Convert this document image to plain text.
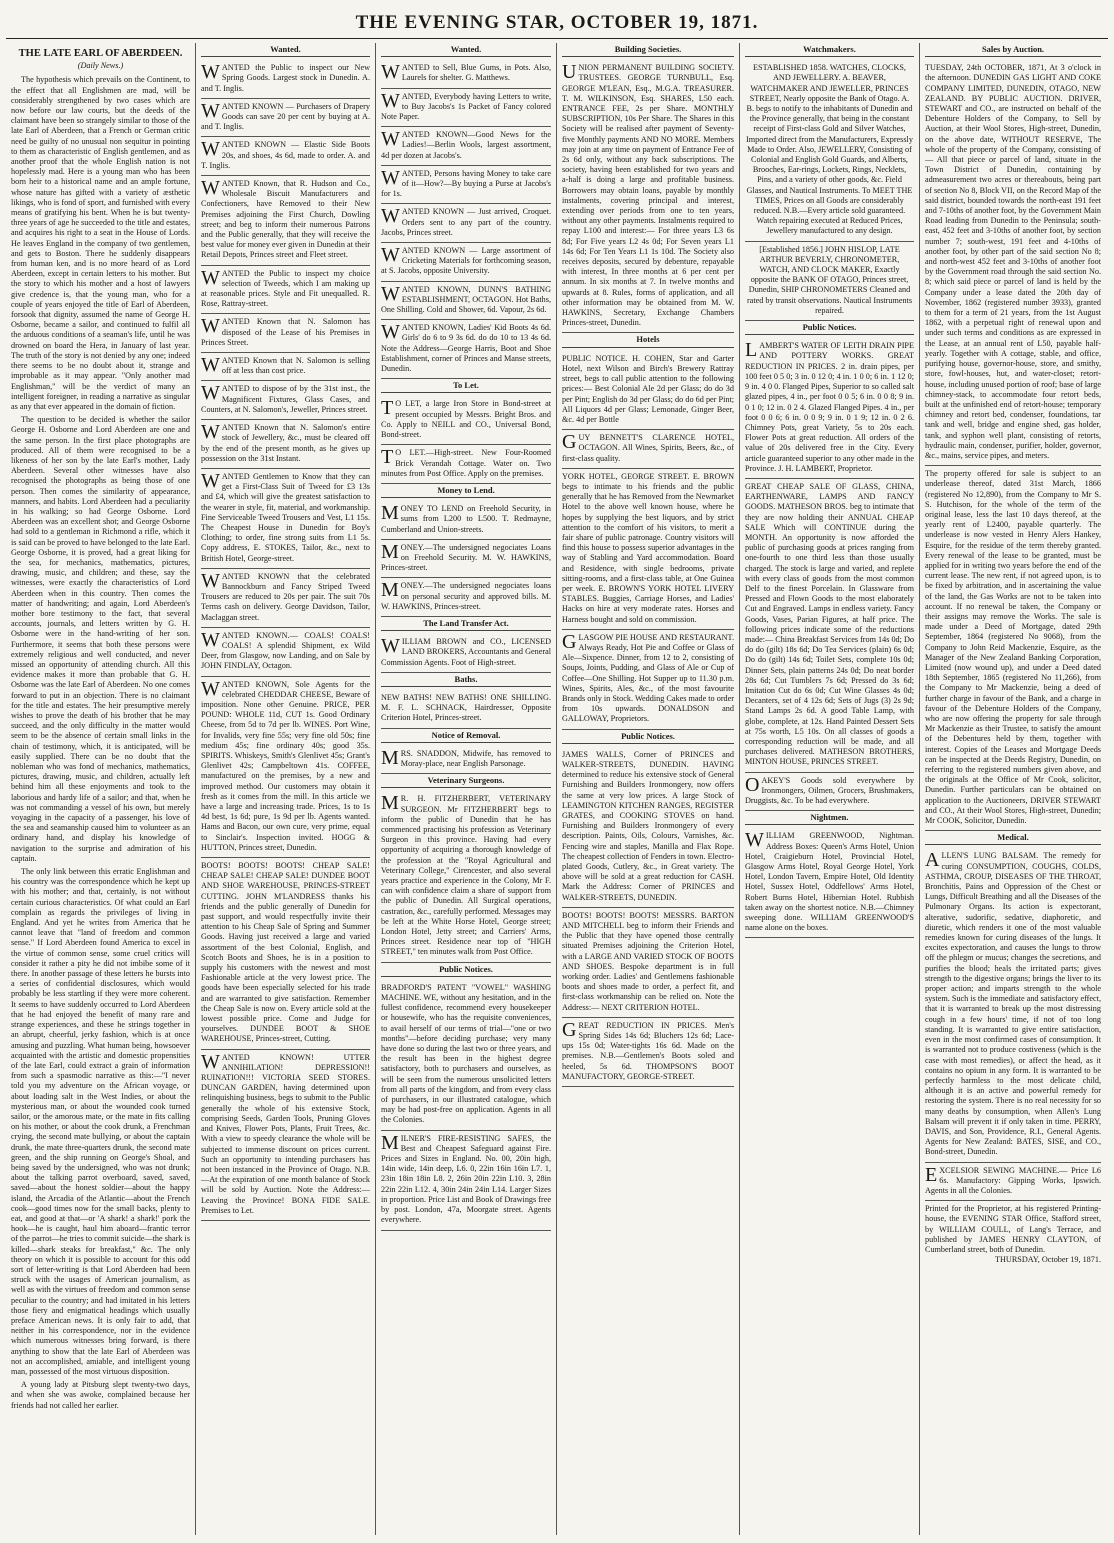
THE EVENING STAR, OCTOBER 19, 1871.
THE LATE EARL OF ABERDEEN.
(Daily News.)

The hypothesis which prevails on the Continent, to the effect that all Englishmen are mad, will be considerably strengthened by two cases which are now before our law courts, but the deeds of the claimant have been so strangely similar to those of the late Earl of Aberdeen, that a French or German critic need be guilty of no unusual non sequitur in pointing to them as characteristic of English gentlemen, and as another proof that the whole English nation is not hopelessly mad. Here is a young man who has been born heir to a historical name and an ample fortune, whose nature has gifted with a variety of æsthetic likings, who is fond of sport, and furnished with every means of gratifying his bent. When he is but twenty-three years of age he succeeded to the title and estates, and acquires his right to a seat in the House of Lords. He leaves England in the company of two gentlemen, and gets to Boston. There he suddenly disappears from human ken, and is no more heard of as Lord Aberdeen, except in certain letters to his mother. But the story to which his mother and a host of lawyers give credence is, that the young man, who for a couple of years enjoyed the title of Earl of Aberdeen, forsook that dignity, assumed the name of George H. Osborne, became a sailor, and continued to fulfil all the arduous conditions of a seaman's life, until he was drowned on board the Hera, in January of last year. The truth of the story is not denied by any one; indeed there seems to be no doubt about it, strange and improbable as it may appear. "Only another mad Englishman," will be the verdict of many an intelligent foreigner, in reading a narrative as singular as any that ever appeared in the domain of fiction.

The question to be decided is whether the sailor George H. Osborne and Lord Aberdeen are one and the same person. In the first place photographs are produced. All of them were recognised to be a likeness of her son by the late Earl's mother, Lady Aberdeen. Several other witnesses have also recognised the photographs as being those of one person. Then comes the similarity of appearance, manners, and habits. Lord Aberdeen had a peculiarity in his walking; so had George Osborne. Lord Aberdeen was an excellent shot; and George Osborne had sold to a gentleman in Richmond a rifle, which it is said can be proved to have belonged to the late Earl. George Osborne, it is proved, had a great liking for the sea, for mechanics, mathematics, pictures, drawing, music, and children; and these, say the witnesses, were exactly the characteristics of Lord Aberdeen when in this country. Then comes the matter of handwriting; and again, Lord Aberdeen's mother bore testimony to the fact, that several accounts, journals, and letters written by G. H. Osborne were in the hand-writing of her son. Furthermore, it seems that both these persons were extremely religious and well conducted, and never missed an opportunity of attending church. All this evidence makes it more than probable that G. H. Osborne was the late Earl of Aberdeen. No one comes forward to put in an objection. There is no claimant for the title and estates. The heir presumptive merely wishes to prove the death of his brother that he may succeed, and the only difficulty in the matter would seem to be the absence of certain small links in the chain of testimony, which, it is anticipated, will be easily supplied. There can be no doubt that the nobleman who was fond of mechanics, mathematics, pictures, drawing, music, and children, actually left behind him all these enjoyments and took to the laborious and hardy life of a sailor; and that, when he was not commanding a vessel of his own, but merely voyaging in the capacity of a passenger, his love of the sea and seamanship caused him to volunteer as an ordinary hand, and display his knowledge of navigation to the surprise and admiration of his captain.

The only link between this erratic Englishman and his country was the correspondence which he kept up with his mother; and that, certainly, is not without certain curious characteristics. Of what could an Earl complain as regards the privileges of living in England. And yet he writes from America that he cannot leave that "land of freedom and common sense." If Lord Aberdeen found America to excel in the virtue of common sense, some cruel critics will consider it rather a pity he did not imbibe some of it there. In another passage of these letters he bursts into a series of confidential disclosures, which would probably be less startling if they were more coherent. It seems to have suddenly occurred to Lord Aberdeen that he had enjoyed the benefit of many rare and strange experiences, and these he strings together in an abrupt, cheerful, jerky fashion, which is at once amusing and puzzling. What human being, howsoever acquainted with the artistic and domestic propensities of the late Earl, could extract a grain of information from such a spasmodic narrative as this:—"I never told you my adventure on the African voyage, or about loading salt in the West Indies, or about the mysterious man, or about the wounded cook turned sailor, or the amorous mate, or the mate in fits calling on his mother, or about the cook drunk, a Frenchman crying, the second mate bullying, or about the captain drunk, the mate three-quarters drunk, the second mate green, and the ship running on George's Shoal, and being saved by the undersigned, who was not drunk; about the talking parrot overboard, saved, saved, saved—about the honest soldier—about the happy island, the Arcadia of the Atlantic—about the French cook—good times now for the small backs, plenty to eat, and good at that—or 'A shark! a shark!' pork the hook—he is caught, haul him aboard—frantic terror of the parrot—he tries to commit suicide—the shark is killed—shark steaks for breakfast," &c. The only theory on which it is possible to account for this odd sort of letter-writing is that Lord Aberdeen had been struck with the usages of American journalism, as well as with the virtues of freedom and common sense peculiar to the country; and had imitated in his letters those fiery and enigmatical headings which usually preface American news. It is only fair to add, that neither in his correspondence, nor in the evidence which numerous witnesses bring forward, is there anything to show that the late Earl of Aberdeen was not an accomplished, amiable, and intelligent young man, possessed of the most virtuous disposition.

A young lady at Pitsburg slept twenty-two days, and when she was awoke, complained because her friends had not called her earlier.

Wanted.
WANTED the Public to inspect our New Spring Goods. Largest stock in Dunedin. A. and T. Inglis.
WANTED KNOWN — Purchasers of Drapery Goods can save 20 per cent by buying at A. and T. Inglis.
WANTED KNOWN — Elastic Side Boots 20s, and shoes, 4s 6d, made to order. A. and T. Inglis.
WANTED Known, that R. Hudson and Co., Wholesale Biscuit Manufacturers and Confectioners, have Removed to their New Premises adjoining the First Church, Dowling street; and beg to inform their numerous Patrons and the Public generally, that they will receive the best value for money ever given in Dunedin at their Retail Depots, Princes street and Fleet street.
WANTED the Public to inspect my choice selection of Tweeds, which I am making up at reasonable prices. Style and Fit unequalled. R. Rose, Rattray-street.
WANTED Known that N. Salomon has disposed of the Lease of his Premises in Princes Street.
WANTED Known that N. Salomon is selling off at less than cost price.
WANTED to dispose of by the 31st inst., the Magnificent Fixtures, Glass Cases, and Counters, at N. Salomon's, Jeweller, Princes street.
WANTED Known that N. Salomon's entire stock of Jewellery, &c., must be cleared off by the end of the present month, as he gives up possession on the 31st Instant.
WANTED Gentlemen to Know that they can get a First-Class Suit of Tweed for £3 13s and £4, which will give the greatest satisfaction to the wearer in style, fit, material, and workmanship. Fine Serviceable Tweed Trousers and Vest, L1 15s. The Cheapest House in Dunedin for Boy's Clothing; to order, fine strong suits from L1 5s. Copy address, E. STOKES, Tailor, &c., next to British Hotel, George-street.
WANTED KNOWN that the celebrated Bannockburn and Fancy Striped Tweed Trousers are reduced to 20s per pair. The suit 70s Terms cash on delivery. George Davidson, Tailor, Maclaggan street.
WANTED KNOWN.— COALS! COALS! COALS! A splendid Shipment, ex Wild Deer, from Glasgow, now Landing, and on Sale by JOHN FINDLAY, Octagon.
WANTED KNOWN, Sole Agents for the celebrated CHEDDAR CHEESE, Beware of imposition. None other Genuine. PRICE, PER POUND: WHOLE 11d, CUT 1s. Good Ordinary Cheese, from 5d to 7d per lb. WINES. Port Wine, for Invalids, very fine 55s; very fine old 50s; fine medium 45s; fine ordinary 40s; good 35s. SPIRITS. Whiskeys, Smith's Glenlivet 45s; Grant's Glenlivet 42s; Campbeltown 41s. COFFEE, manufactured on the premises, by a new and improved method. Our customers may obtain it fresh as it comes from the mill. In this article we have a large and increasing trade. Prices, 1s to 1s 4d best, 1s 6d; pure, 1s 9d per lb. Agents wanted. Hams and Bacon, our own cure, very prime, equal to Sinclair's. Inspection invited. HOGG & HUTTON, Princes street, Dunedin.
BOOTS! BOOTS! BOOTS! CHEAP SALE! CHEAP SALE! CHEAP SALE! DUNDEE BOOT AND SHOE WAREHOUSE, PRINCES-STREET CUTTING. JOHN M'LANDRESS thanks his friends and the public generally of Dunedin for past support, and would respectfully invite their attention to his Cheap Sale of Spring and Summer Goods. Having just received a large and varied assortment of the best Colonial, English, and Scotch Boots and Shoes, he is in a position to supply his customers with the newest and most Fashionable article at the very lowest price. The goods have been especially selected for his trade and are warranted to give satisfaction. Remember the Cheap Sale is now on. Every article sold at the lowest possible price. Come and Judge for yourselves. DUNDEE BOOT & SHOE WAREHOUSE, Princes-street, Cutting.
WANTED KNOWN! UTTER ANNIHILATION! DEPRESSION!! RUINATION!!! VICTORIA SEED STORES. DUNCAN GARDEN, having determined upon relinquishing business, begs to submit to the Public generally the whole of his extensive Stock, comprising Seeds, Garden Tools, Pruning Gloves and Knives, Flower Pots, Plants, Fruit Trees, &c. With a view to speedy clearance the whole will be subjected to immense discount on prices current. Such an opportunity to intending purchasers has not been instanced in the Province of Otago. N.B.—At the expiration of one month balance of Stock will be sold by Auction. Note the Address:—Leaving the Province! BONA FIDE SALE. Premises to Let.
Wanted.
WANTED to Sell, Blue Gums, in Pots. Also, Laurels for shelter. G. Matthews.
WANTED, Everybody having Letters to write, to Buy Jacobs's 1s Packet of Fancy colored Note Paper.
WANTED KNOWN—Good News for the Ladies!—Berlin Wools, largest assortment, 4d per dozen at Jacobs's.
WANTED, Persons having Money to take care of it—How?—By buying a Purse at Jacobs's for 1s.
WANTED KNOWN — Just arrived, Croquet. Orders sent to any part of the country. Jacobs, Princes street.
WANTED KNOWN — Large assortment of Cricketing Materials for forthcoming season, at S. Jacobs, opposite University.
WANTED KNOWN, DUNN'S BATHING ESTABLISHMENT, OCTAGON. Hot Baths, One Shilling. Cold and Shower, 6d. Vapour, 2s 6d.
WANTED KNOWN, Ladies' Kid Boots 4s 6d. Girls' do 6 to 9 3s 6d. do do 10 to 13 4s 6d. Note the Address—George Harris, Boot and Shoe Establishment, corner of Princes and Manse streets, Dunedin.
To Let.
TO LET, a large Iron Store in Bond-street at present occupied by Messrs. Bright Bros. and Co. Apply to NEILL and CO., Universal Bond, Bond-street.
TO LET.—High-street. New Four-Roomed Brick Verandah Cottage. Water on. Two minutes from Post Office. Apply on the premises.
Money to Lend.
MONEY TO LEND on Freehold Security, in sums from L200 to L500. T. Redmayne, Cumberland and Union-streets.
MONEY.—The undersigned negociates Loans on Freehold Security. M. W. HAWKINS, Princes-street.
MONEY.—The undersigned negociates loans on personal security and approved bills. M. W. HAWKINS, Princes-street.
The Land Transfer Act.
WILLIAM BROWN and CO., LICENSED LAND BROKERS, Accountants and General Commission Agents. Foot of High-street.
Baths.
NEW BATHS! NEW BATHS! ONE SHILLING. M. F. L. SCHNACK, Hairdresser, Opposite Criterion Hotel, Princes-street.
Notice of Removal.
MRS. SNADDON, Midwife, has removed to Moray-place, near English Parsonage.
Veterinary Surgeons.
MR. H. FITZHERBERT, VETERINARY SURGEON. Mr FITZHERBERT begs to inform the public of Dunedin that he has commenced practising his profession as Veterinary Surgeon in this province. Having had every opportunity of acquiring a thorough knowledge of the profession at the "Royal Agricultural and Veterinary College," Cirencester, and also several years practice and experience in the Colony, Mr F. can with confidence claim a share of support from the public of Dunedin. All Surgical operations, castration, &c., carefully performed. Messages may be left at the White Horse Hotel, George street; London Hotel, Jetty street; and Carriers' Arms, Princes street. Residence near top of "HIGH STREET," ten minutes walk from Post Office.
Public Notices.
BRADFORD'S PATENT "VOWEL" WASHING MACHINE. WE, without any hesitation, and in the fullest confidence, recommend every housekeeper or housewife, who has the requisite conveniences, to avail herself of our terms of trial—"one or two months"—before deciding purchase; very many have done so during the last two or three years, and the result has been in the highest degree satisfactory, both to purchasers and ourselves, as will be seen from the numerous unsolicited letters from all parts of the kingdom, and from every class of purchasers, in our illustrated catalogue, which may be had post-free on application. Agents in all the Colonies.
MILNER'S FIRE-RESISTING SAFES, the Best and Cheapest Safeguard against Fire. Prices and Sizes in England. No. 00, 20in high, 14in wide, 14in deep, L6. 0, 22in 16in 16in L7. 1, 23in 18in 18in L8. 2, 26in 20in 22in L10. 3, 28in 22in 22in L12. 4, 30in 24in 24in L14. Larger Sizes in proportion. Price List and Book of Drawings free by post. London, 47a, Moorgate street. Agents everywhere.
Building Societies.
UNION PERMANENT BUILDING SOCIETY. TRUSTEES. GEORGE TURNBULL, Esq. GEORGE M'LEAN, Esq., M.G.A. TREASURER. T. M. WILKINSON, Esq. SHARES, L50 each. ENTRANCE FEE, 2s per Share. MONTHLY SUBSCRIPTION, 10s Per Share. The Shares in this Society will be realised after payment of Seventy-five Monthly payments AND NO MORE. Members may join at any time on payment of Entrance Fee of 2s 6d only, without any back subscriptions. The society, having been established for two years and a-half is doing a large and profitable business. Borrowers may obtain loans, payable by monthly instalments, covering principal and interest, extending over periods from one to ten years, without any other payments. Instalments required to repay L100 and interest:— For three years L3 6s 8d; For Five years L2 4s 0d; For Seven years L1 14s 6d; For Ten Years L1 1s 10d. The Society also receives deposits, secured by debenture, repayable with interest, In three months at 6 per cent per annum. In six months at 7. In twelve months and upwards at 8. Rules, forms of application, and all other information may be obtained from M. W. HAWKINS, Secretary, Exchange Chambers Princes-street, Dunedin.
Hotels
PUBLIC NOTICE. H. COHEN, Star and Garter Hotel, next Wilson and Birch's Brewery Rattray street, begs to call public attention to the following prices:— Best Colonial Ale 2d per Glass; do do 3d per Pint; English do 3d per Glass; do do 6d per Pint; All Liquors 4d per Glass; Lemonade, Ginger Beer, &c. 4d per Bottle
GUY BENNETT'S CLARENCE HOTEL, OCTAGON. All Wines, Spirits, Beers, &c., of first-class quality.
YORK HOTEL, GEORGE STREET. E. BROWN begs to intimate to his friends and the public generally that he has Removed from the Newmarket Hotel to the above well known house, where he hopes by supplying the best liquors, and by strict attention to the comfort of his visitors, to merit a fair share of public patronage. Country visitors will find this house to possess superior advantages in the way of Stabling and Yard accommodation. Board and Residence, with single bedrooms, private sitting-rooms, and a first-class table, at One Guinea per week. E. BROWN'S YORK HOTEL LIVERY STABLES. Buggies, Carriage Horses, and Ladies' Hacks on hire at very moderate rates. Horses and Harness bought and sold on commission.
GLASGOW PIE HOUSE AND RESTAURANT. Always Ready, Hot Pie and Coffee or Glass of Ale—Sixpence. Dinner, from 12 to 2, consisting of Soups, Joints, Pudding, and Glass of Ale or Cup of Coffee—One Shilling. Hot Supper up to 11.30 p.m. Wines, Spirits, Ales, &c., of the most favourite Brands only in Stock. Wedding Cakes made to order from 10s upwards. DONALDSON and GALLOWAY, Proprietors.
Public Notices.
JAMES WALLS, Corner of PRINCES and WALKER-STREETS, DUNEDIN. HAVING determined to reduce his extensive stock of General Furnishing and Builders Ironmongery, now offers the same at very low prices. A large Stock of LEAMINGTON KITCHEN RANGES, REGISTER GRATES, and COOKING STOVES on hand. Furnishing and Builders Ironmongery of every description. Paints, Oils, Colours, Varnishes, &c. Fencing wire and staples, Manilla and Flax Rope. The cheapest collection of Fenders in town. Electro-plated Goods, Cutlery, &c., in Great variety. The above will be sold at a great reduction for CASH. Mark the Address: Corner of PRINCES and WALKER-STREETS, DUNEDIN.
BOOTS! BOOTS! BOOTS! MESSRS. BARTON AND MITCHELL beg to inform their Friends and the Public that they have opened those centrally situated Premises adjoining the Criterion Hotel, with a LARGE AND VARIED STOCK OF BOOTS AND SHOES. Bespoke department is in full working order. Ladies' and Gentlemens fashionable boots and shoes made to order, a perfect fit, and first-class workmanship can be relied on. Note the Address:— NEXT CRITERION HOTEL.
GREAT REDUCTION IN PRICES. Men's Spring Sides 14s 6d; Bluchers 12s 6d; Lace-ups 15s 0d; Water-tights 16s 6d. Made on the premises. N.B.—Gentlemen's Boots soled and heeled, 5s 6d. THOMPSON'S BOOT MANUFACTORY, GEORGE-STREET.
Watchmakers.
ESTABLISHED 1858. WATCHES, CLOCKS, AND JEWELLERY. A. BEAVER, WATCHMAKER AND JEWELLER, PRINCES STREET, Nearly opposite the Bank of Otago. A. B. begs to notify to the inhabitants of Dunedin and the Province generally, that being in the constant receipt of First-class Gold and Silver Watches, Imported direct from the Manufacturers, Expressly Made to Order. Also, JEWELLERY, Consisting of Colonial and English Gold Guards, and Alberts, Brooches, Ear-rings, Lockets, Rings, Necklets, Pins, and a variety of other goods, &c. Field Glasses, and Nautical Instruments. To MEET THE TIMES, Prices on all Goods are considerably reduced. N.B.—Every article sold guaranteed. Watch repairing executed at Reduced Prices, Jewellery manufactured to any design.
[Established 1856.] JOHN HISLOP, LATE ARTHUR BEVERLY, CHRONOMETER, WATCH, AND CLOCK MAKER, Exactly opposite the BANK OF OTAGO, Princes street, Dunedin, SHIP CHRONOMETERS Cleaned and rated by transit observations. Nautical Instruments repaired.
Public Notices.
LAMBERT'S WATER OF LEITH DRAIN PIPE AND POTTERY WORKS. GREAT REDUCTION IN PRICES. 2 in. drain pipes, per 100 feet 0 5 0; 3 in. 0 12 0; 4 in. 1 0 0; 6 in. 1 12 0; 9 in. 4 0 0. Flanged Pipes, Superior to so called salt glazed pipes, 4 in., per foot 0 0 5; 6 in. 0 0 8; 9 in. 0 1 0; 12 in. 0 2 4. Glazed Flanged Pipes. 4 in., per foot 0 0 6; 6 in. 0 0 9; 9 in. 0 1 9; 12 in. 0 2 6. Chimney Pots, great Variety, 5s to 20s each. Flower Pots at great reduction. All orders of the value of 20s delivered free in the City. Every article guaranteed superior to any other made in the Province. J. H. LAMBERT, Proprietor.
GREAT CHEAP SALE OF GLASS, CHINA, EARTHENWARE, LAMPS AND FANCY GOODS. MATHESON BROS. beg to intimate that they are now holding their ANNUAL CHEAP SALE Which will CONTINUE during the MONTH. An opportunity is now afforded the public of purchasing goods at prices ranging from one-fourth to one third less than those usually charged. The stock is large and varied, and replete with every class of goods from the most common Delf to the finest Porcelain. In Glassware from Pressed and Flown Goods to the most elaborately Cut and Engraved. Lamps in endless variety. Fancy Goods, Vases, Parian Figures, at half price. The following prices indicate some of the reductions made:— China Breakfast Services from 14s 0d; Do do do (gilt) 18s 6d; Do Tea Services (plain) 6s 0d; Do do (gilt) 14s 6d; Toilet Sets, complete 10s 0d; Dinner Sets, plain patterns 24s 0d; Do neat border 28s 6d; Cut Tumblers 7s 6d; Pressed do 3s 6d; Imitation Cut do 6s 0d; Cut Wine Glasses 4s 0d; Decanters, set of 4 12s 6d; Sets of Jugs (3) 2s 9d; Stand Lamps 2s 6d. A good Table Lamp, with globe, complete, at 12s. Hand Painted Dessert Sets at 75s worth, L5 10s. On all classes of goods a corresponding reduction will be made, and all purchases delivered. MATHESON BROTHERS, MINTON HOUSE, PRINCES STREET.
OAKEY'S Goods sold everywhere by Ironmongers, Oilmen, Grocers, Brushmakers, Druggists, &c. To be had everywhere.
Nightmen.
WILLIAM GREENWOOD, Nightman. Address Boxes: Queen's Arms Hotel, Union Hotel, Craigieburn Hotel, Provincial Hotel, Glasgow Arms Hotel, Royal George Hotel, York Hotel, London Tavern, Empire Hotel, Old Identity Hotel, Sussex Hotel, Oddfellows' Arms Hotel, Robert Burns Hotel, Hibernian Hotel. Rubbish taken away on the shortest notice. N.B.—Chimney sweeping done. WILLIAM GREENWOOD'S name alone on the boxes.
Sales by Auction.
TUESDAY, 24th OCTOBER, 1871, At 3 o'clock in the afternoon. DUNEDIN GAS LIGHT AND COKE COMPANY LIMITED, DUNEDIN, OTAGO, NEW ZEALAND. BY PUBLIC AUCTION. DRIVER, STEWART and CO., are instructed on behalf of the Debenture Holders of the Company, to Sell by Auction, at their Wool Stores, High-street, Dunedin, on the above date, WITHOUT RESERVE, The whole of the property of the Company, consisting of— All that piece or parcel of land, situate in the Town District of Dunedin, containing by admeasurement two acres or thereabouts, being part of section No 8, Block VII, on the Record Map of the said district, bounded towards the north-east 191 feet and 7-10ths of another foot, by the Government Main Road leading from Dunedin to the Peninsula; south-east, 452 feet and 3-10ths of another foot, by section number 7; south-west, 191 feet and 4-10ths of another foot, by other part of the said section No 8; and north-west 452 feet and 3-10ths of another foot by the Government road through the said section No. 8; which said piece or parcel of land is held by the Company under a lease dated the 20th day of November, 1862 (registered number 3933), granted to them for a term of 21 years, from the 1st August 1862, with a perpetual right of renewal upon and under such terms and conditions as are expressed in the Lease, at an annual rent of L50, payable half-yearly. Together with A cottage, stable, and office, purifying house, governor-house, store, and smithy, store, fowl-houses, hut, and water-closet; retort-house, including unused portion of roof; base of large chimney-stack, to accommodate four retort beds, built at the unfinished end of retort-house; temporary chimney and retort bed, condenser, foundations, tar tank and well, bridge and engine shed, gas holder, tank, and syphon well plant, consisting of retorts, hydraulic main, condenser, purifier, holder, governor, &c., mains, service pipes, and meters.
The property offered for sale is subject to an underlease thereof, dated 31st March, 1866 (registered No 12,890), from the Company to Mr S. S. Hutchison, for the whole of the term of the original lease, less the last 10 days thereof, at the yearly rent of L2400, payable quarterly. The underlease is now vested in Henry Alers Hankey, Esquire, for the residue of the term thereby granted. Every renewal of the lease to be granted, must be applied for in writing two years before the end of the current lease. The new rent, if not agreed upon, is to be fixed by arbitration, and in ascertaining the value of the land, the Gas Works are not to be taken into account. If no renewal be taken, the Company or their assigns may remove the Works. The sale is made under a Deed of Mortgage, dated 29th September, 1864 (registered No 9068), from the Company to John Reid Mackenzie, Esquire, as the Manager of the New Zealand Banking Corporation, Limited (now wound up), and under a Deed dated 18th September, 1865 (registered No 11,266), from the Company to Mr Mackenzie, being a deed of further charge in favour of the Bank, and a charge in favour of the Debenture Holders of the Company, who are now offering the property for sale through Mr Mackenzie as their Trustee, to satisfy the amount of the Debentures held by them, together with interest. Copies of the Leases and Mortgage Deeds can be inspected at the Deeds Registry, Dunedin, on referring to the registered numbers given above, and the originals at the Office of Mr Cook, solicitor, Dunedin. Further particulars can be obtained on application to the Auctioneers, DRIVER STEWART and CO., At their Wool Stores, High-street, Dunedin; Mr COOK, Solicitor, Dunedin.
Medical.
ALLEN'S LUNG BALSAM. The remedy for curing CONSUMPTION, COUGHS, COLDS, ASTHMA, CROUP, DISEASES OF THE THROAT, Bronchitis, Pains and Oppression of the Chest or Lungs, Difficult Breathing and all the Diseases of the Pulmonary Organs. Its action is expectorant, alterative, sudorific, sedative, diaphoretic, and diuretic, which renders it one of the most valuable remedies known for curing diseases of the lungs. It excites expectoration, and causes the lungs to throw off the phlegm or mucus; changes the secretions, and purifies the blood; heals the irritated parts; gives strength to the digestive organs; brings the liver to its proper action; and imparts strength to the whole system. Such is the immediate and satisfactory effect, that it is warranted to break up the most distressing cough in a few hours' time, if not of too long standing. It is warranted to give entire satisfaction, even in the most confirmed cases of consumption. It is warranted not to produce costiveness (which is the case with most remedies), or affect the head, as it contains no opium in any form. It is warranted to be perfectly harmless to the most delicate child, although it is an active and powerful remedy for restoring the system. There is no real necessity for so many deaths by consumption, when Allen's Lung Balsam will prevent it if only taken in time. PERRY, DAVIS, and Son, Providence, R.I., General Agents. Agents for New Zealand: BATES, SISE, and CO., Bond-street, Dunedin.
EXCELSIOR SEWING MACHINE.— Price L6 6s. Manufactory: Gipping Works, Ipswich. Agents in all the Colonies.
Printed for the Proprietor, at his registered Printing-house, the EVENING STAR Office, Stafford street, by WILLIAM COULL, of Lang's Terrace, and published by JAMES HENRY CLAYTON, of Cumberland street, both of Dunedin.
THURSDAY, October 19, 1871.
